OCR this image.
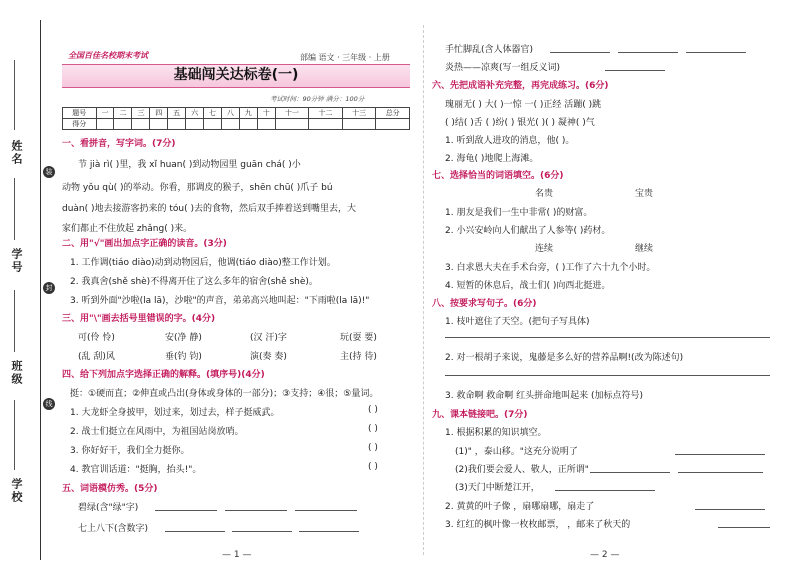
姓名
学号
班级
学校
装
封
线
全国百佳名校期末考试	部编 语文 · 三年级 · 上册
基础闯关达标卷(一)
考试时间：90分钟 满分：100分
题号	一	二	三	四	五	六	七	八	九	十	十一	十二	十三	总分
得分														
一、看拼音，写字词。(7分)
节 jià rì( )里，我 xǐ huan( )到动物园里 guān chá( )小
动物 yǒu qù( )的举动。你看，那调皮的猴子，shēn chū( )爪子 bú
duàn( )地去接游客扔来的 tóu( )去的食物，然后双手捧着送到嘴里去，大
家们都止不住放起 zhǎng( )来。
二、用"√"画出加点字正确的读音。(3分)
1. 工作调(tiáo diào)动到动物园后，他调(tiáo diào)整工作计划。
2. 我真舍(shě shè)不得离开住了这么多年的宿舍(shě shè)。
3. 听到外面"沙啦(la lā)，沙啦"的声音，弟弟高兴地叫起："下雨啦(la lā)!"
三、用"\"画去括号里错误的字。(4分)
可(伶 怜)	安(净 静)	(汉 汗)字	玩(耍 要)
(乱 刮)风	垂(钓 钧)	演(奏 奏)	主(持 待)
四、给下列加点字选择正确的解释。(填序号)(4分)
挺：①硬而直；②伸直或凸出(身体或身体的一部分)；③支持；④很；⑤量词。
1. 大龙虾全身披甲，划过来，划过去，样子挺威武。	( )
2. 战士们挺立在风雨中，为祖国站岗放哨。	( )
3. 你好好干，我们全力挺你。	( )
4. 教官训话道："挺胸，抬头!"。	( )
五、词语模仿秀。(5分)
碧绿(含"绿"字)
七上八下(含数字)
— 1 —
手忙脚乱(含人体器官)
炎热——凉爽(写一组反义词)
六、先把成语补充完整，再完成练习。(6分)
瑰丽无( ) 大( )一惊 一( )正经 活蹦( )跳
( )结( )舌 ( )纷( ) 银光( )( ) 凝神( )气
1. 听到敌人进攻的消息，他( )。
2. 海龟( )地爬上海滩。
七、选择恰当的词语填空。(6分)
名贵	宝贵
1. 朋友是我们一生中非常( )的财富。
2. 小兴安岭向人们献出了人参等( )药材。
连续	继续
3. 白求恩大夫在手术台旁，( )工作了六十九个小时。
4. 短暂的休息后，战士们( )向西北挺进。
八、按要求写句子。(6分)
1. 枝叶遮住了天空。(把句子写具体)
2. 对一根胡子来说，鬼藤是多么好的营养品啊!(改为陈述句)
3. 救命啊 救命啊 红头拼命地叫起来 (加标点符号)
九、课本链接吧。(7分)
1. 根据积累的知识填空。
(1)" ，泰山移。"这充分说明了
(2)我们要会爱人、敬人，正所谓"
(3)天门中断楚江开，
2. 黄黄的叶子像 ，扇哪扇哪，扇走了
3. 红红的枫叶像一枚枚邮票， ，邮来了秋天的
— 2 —
